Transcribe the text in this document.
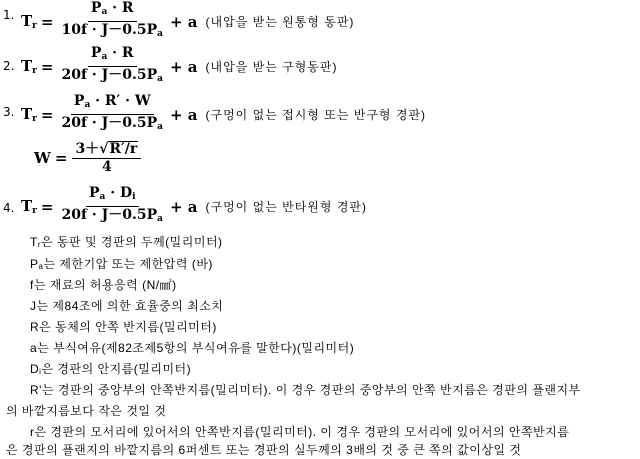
1. $T_r = \frac{P_a \cdot R}{10f \cdot J-0.5P_a} + a$ (내압을 받는 원통형 동판)
2. $T_r = \frac{P_a \cdot R}{20f \cdot J-0.5P_a} + a$ (내압을 받는 구형동판)
3. $T_r = \frac{P_a \cdot R' \cdot W}{20f \cdot J-0.5P_a} + a$ (구멍이 없는 접시형 또는 반구형 경판)
$W = \frac{3+ √ R'/r}{4}$
4. $T_r = \frac{P_a \cdot D_i}{20f \cdot J-0.5P_a} + a$ (구멍이 없는 반타원형 경판)
Tr은 동판 및 경판의 두께(밀리미터)
Pa는 제한기압 또는 제한압력 (바)
f는 재료의 허용응력 (N/㎟)
J는 제84조에 의한 효율중의 최소치
R은 동체의 안쪽 반지름(밀리미터)
a는 부식여유(제82조제5항의 부식여유를 말한다)(밀리미터)
Di은 경판의 안지름(밀리미터)
R'는 경판의 중앙부의 안쪽반지름(밀리미터). 이 경우 경판의 중앙부의 안쪽 반지름은 경판의 플랜지부
의 바깥지름보다 작은 것일 것
r은 경판의 모서리에 있어서의 안쪽반지름(밀리미터). 이 경우 경판의 모서리에 있어서의 안쪽반지름
은 경판의 플랜지의 바깥지름의 6퍼센트 또는 경판의 실두께의 3배의 것 중 큰 쪽의 값이상일 것
